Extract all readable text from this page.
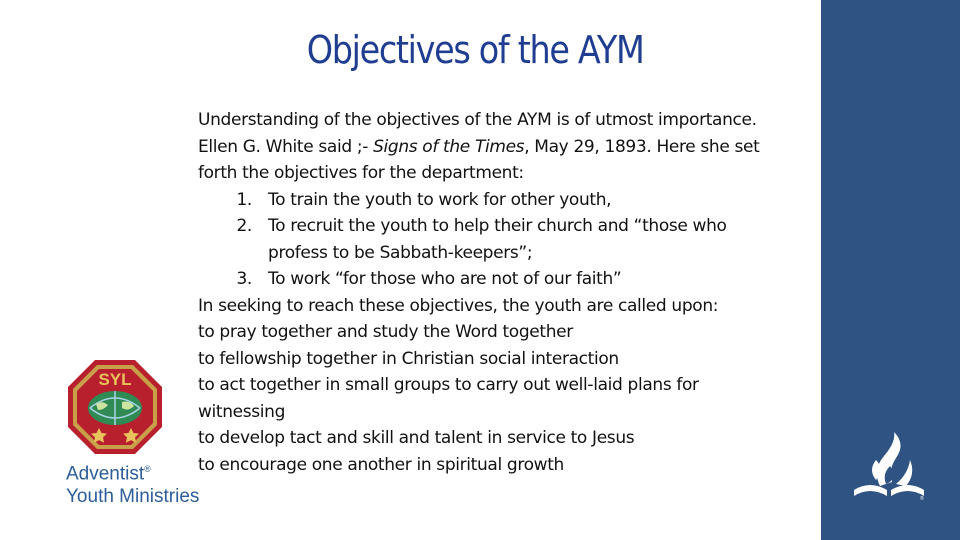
®
Objectives of the AYM
Understanding of the objectives of the AYM is of utmost importance.
Ellen G. White said ;- Signs of the Times, May 29, 1893. Here she set
forth the objectives for the department:
1. To train the youth to work for other youth,
2. To recruit the youth to help their church and “those who
profess to be Sabbath-keepers”;
3. To work “for those who are not of our faith”
In seeking to reach these objectives, the youth are called upon:
to pray together and study the Word together
to fellowship together in Christian social interaction
to act together in small groups to carry out well-laid plans for
witnessing
to develop tact and skill and talent in service to Jesus
to encourage one another in spiritual growth
SYL
Adventist®
Youth Ministries
